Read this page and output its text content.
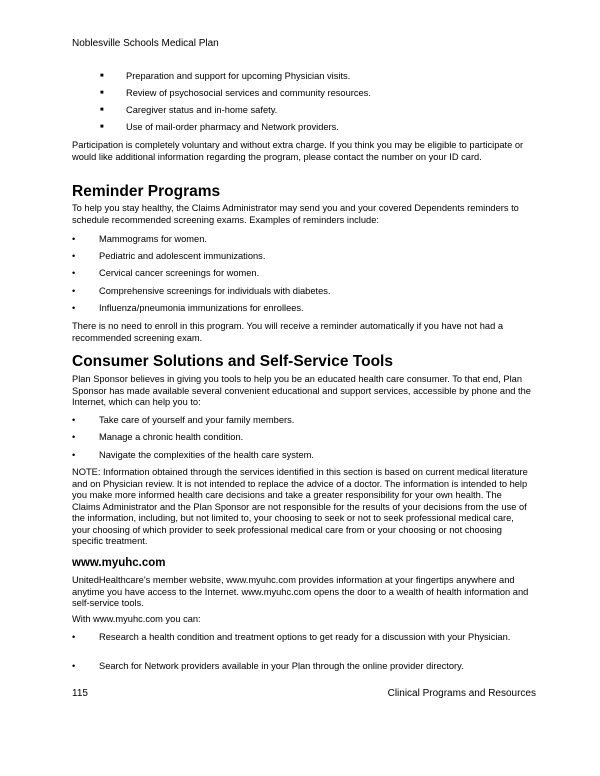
Noblesville Schools Medical Plan
■ Preparation and support for upcoming Physician visits.
■ Review of psychosocial services and community resources.
■ Caregiver status and in-home safety.
■ Use of mail-order pharmacy and Network providers.
Participation is completely voluntary and without extra charge. If you think you may be eligible to participate or would like additional information regarding the program, please contact the number on your ID card.
Reminder Programs
To help you stay healthy, the Claims Administrator may send you and your covered Dependents reminders to schedule recommended screening exams. Examples of reminders include:
•	Mammograms for women.
•	Pediatric and adolescent immunizations.
•	Cervical cancer screenings for women.
•	Comprehensive screenings for individuals with diabetes.
•	Influenza/pneumonia immunizations for enrollees.
There is no need to enroll in this program. You will receive a reminder automatically if you have not had a recommended screening exam.
Consumer Solutions and Self-Service Tools
Plan Sponsor believes in giving you tools to help you be an educated health care consumer. To that end, Plan Sponsor has made available several convenient educational and support services, accessible by phone and the Internet, which can help you to:
•	Take care of yourself and your family members.
•	Manage a chronic health condition.
•	Navigate the complexities of the health care system.
NOTE: Information obtained through the services identified in this section is based on current medical literature and on Physician review. It is not intended to replace the advice of a doctor. The information is intended to help you make more informed health care decisions and take a greater responsibility for your own health. The Claims Administrator and the Plan Sponsor are not responsible for the results of your decisions from the use of the information, including, but not limited to, your choosing to seek or not to seek professional medical care, your choosing of which provider to seek professional medical care from or your choosing or not choosing specific treatment.
www.myuhc.com
UnitedHealthcare's member website, www.myuhc.com provides information at your fingertips anywhere and anytime you have access to the Internet. www.myuhc.com opens the door to a wealth of health information and self-service tools.
With www.myuhc.com you can:
•	Research a health condition and treatment options to get ready for a discussion with your Physician.
•	Search for Network providers available in your Plan through the online provider directory.
115	Clinical Programs and Resources
